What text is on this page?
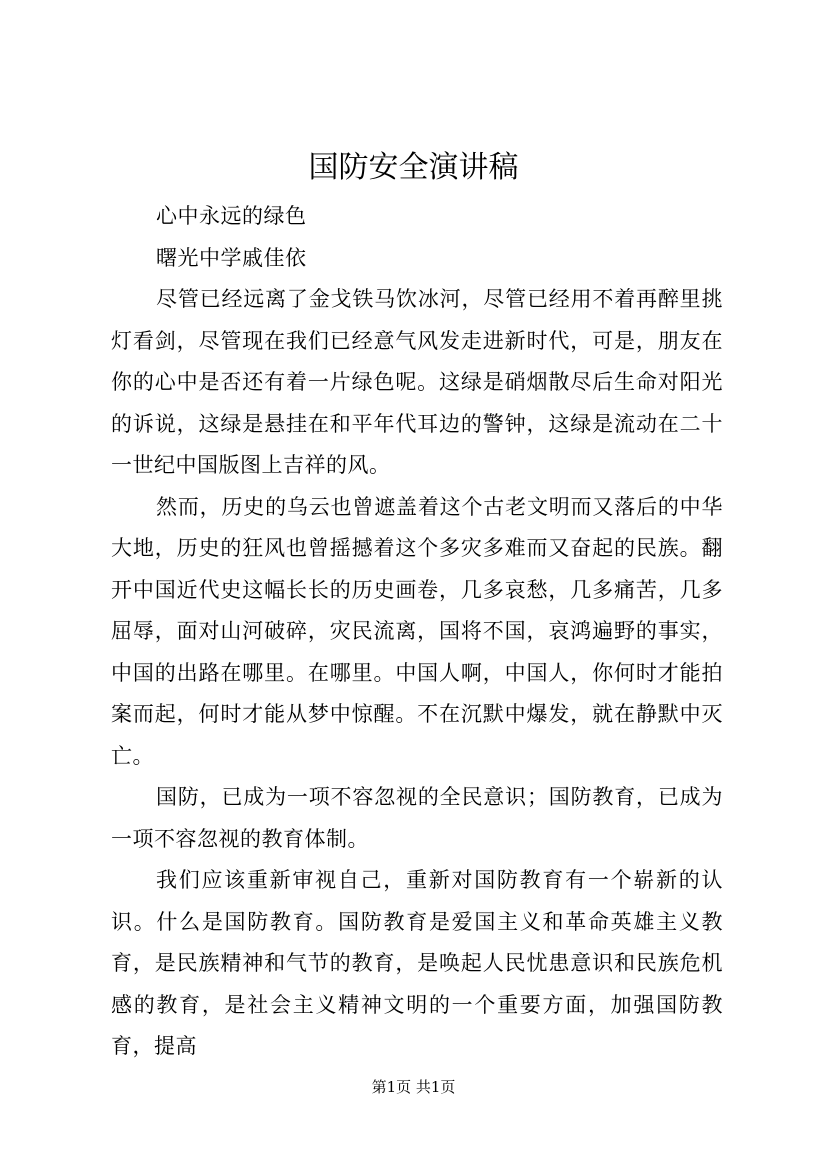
国防安全演讲稿

心中永远的绿色

曙光中学戚佳依

尽管已经远离了金戈铁马饮冰河，尽管已经用不着再醉里挑灯看剑，尽管现在我们已经意气风发走进新时代，可是，朋友在你的心中是否还有着一片绿色呢。这绿是硝烟散尽后生命对阳光的诉说，这绿是悬挂在和平年代耳边的警钟，这绿是流动在二十一世纪中国版图上吉祥的风。

然而，历史的乌云也曾遮盖着这个古老文明而又落后的中华大地，历史的狂风也曾摇撼着这个多灾多难而又奋起的民族。翻开中国近代史这幅长长的历史画卷，几多哀愁，几多痛苦，几多屈辱，面对山河破碎，灾民流离，国将不国，哀鸿遍野的事实，中国的出路在哪里。在哪里。中国人啊，中国人，你何时才能拍案而起，何时才能从梦中惊醒。不在沉默中爆发，就在静默中灭亡。

国防，已成为一项不容忽视的全民意识；国防教育，已成为一项不容忽视的教育体制。

我们应该重新审视自己，重新对国防教育有一个崭新的认识。什么是国防教育。国防教育是爱国主义和革命英雄主义教育，是民族精神和气节的教育，是唤起人民忧患意识和民族危机感的教育，是社会主义精神文明的一个重要方面，加强国防教育，提高

第1页 共1页
